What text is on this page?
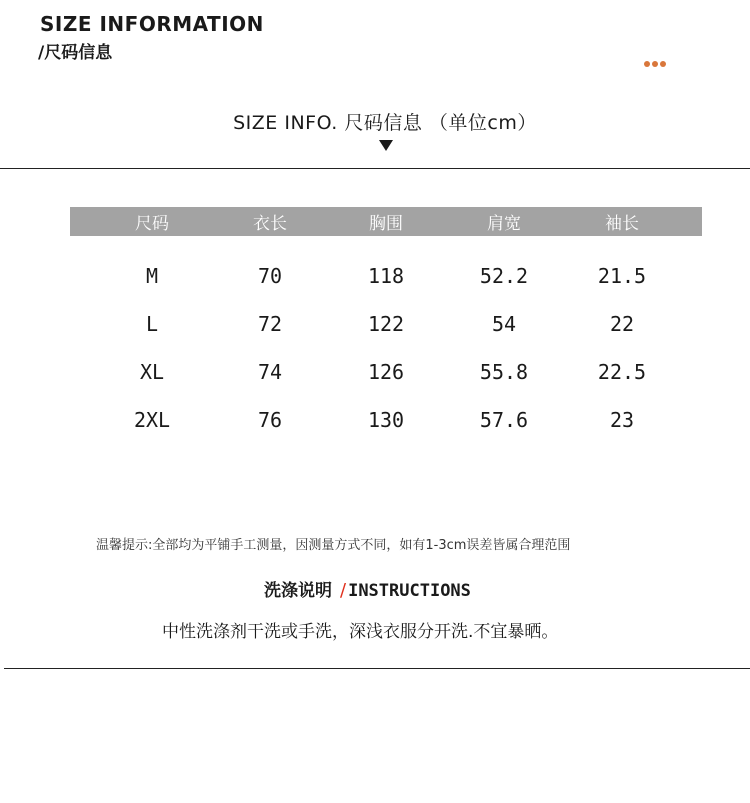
SIZE INFORMATION
/尺码信息
SIZE INFO. 尺码信息 （单位cm）
尺码	衣长	胸围	肩宽	袖长
M	70	118	52.2	21.5
L	72	122	54	22
XL	74	126	55.8	22.5
2XL	76	130	57.6	23
温馨提示:全部均为平铺手工测量，因测量方式不同，如有1-3cm误差皆属合理范围
洗涤说明 / INSTRUCTIONS
中性洗涤剂干洗或手洗，深浅衣服分开洗.不宜暴晒。
